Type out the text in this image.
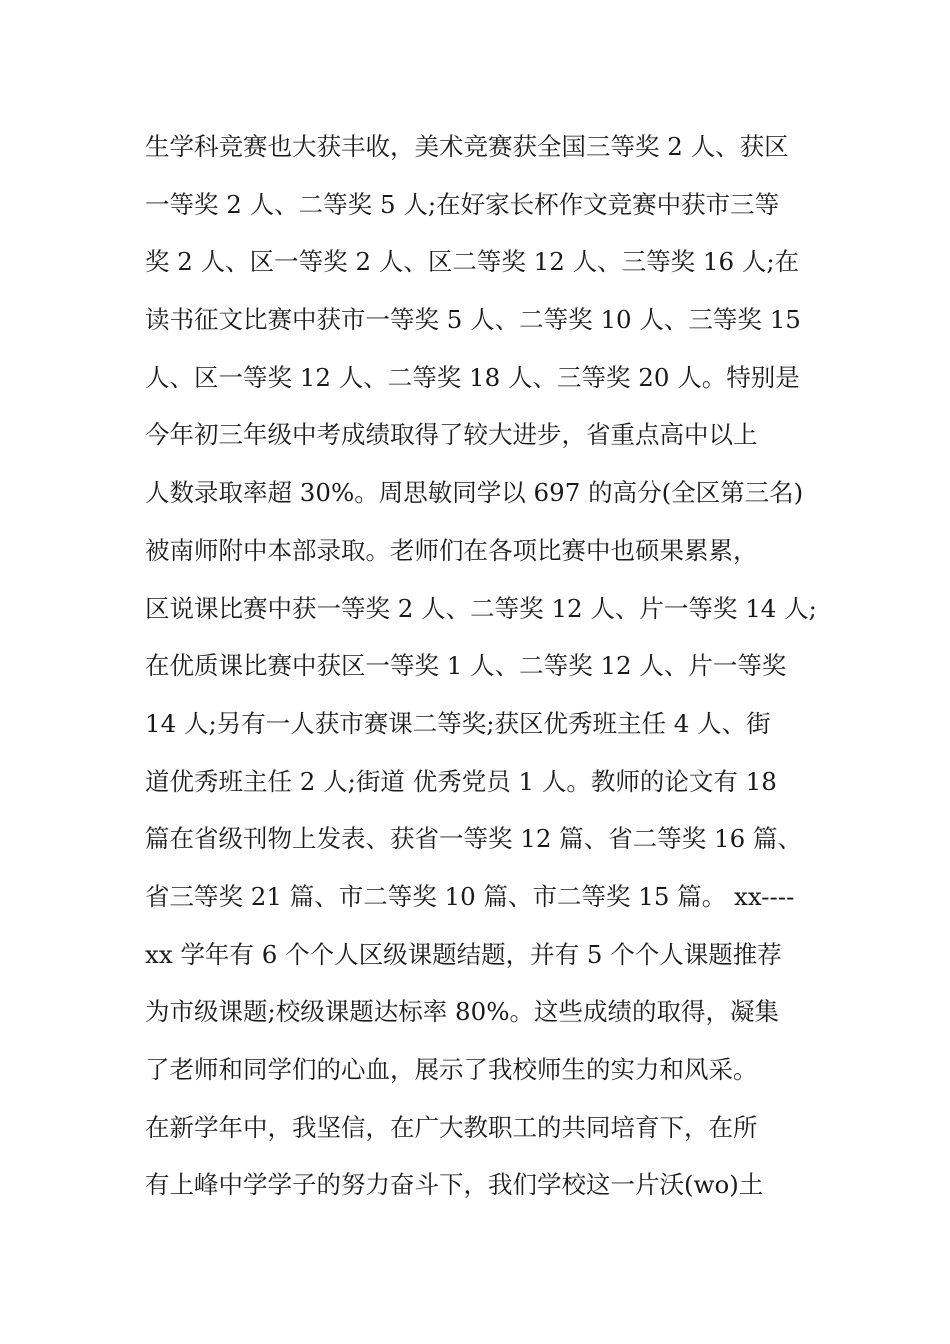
生学科竞赛也大获丰收，美术竞赛获全国三等奖 2 人、获区
一等奖 2 人、二等奖 5 人;在好家长杯作文竞赛中获市三等
奖 2 人、区一等奖 2 人、区二等奖 12 人、三等奖 16 人;在
读书征文比赛中获市一等奖 5 人、二等奖 10 人、三等奖 15
人、区一等奖 12 人、二等奖 18 人、三等奖 20 人。特别是
今年初三年级中考成绩取得了较大进步，省重点高中以上
人数录取率超 30%。周思敏同学以 697 的高分(全区第三名)
被南师附中本部录取。老师们在各项比赛中也硕果累累，
区说课比赛中获一等奖 2 人、二等奖 12 人、片一等奖 14 人;
在优质课比赛中获区一等奖 1 人、二等奖 12 人、片一等奖
14 人;另有一人获市赛课二等奖;获区优秀班主任 4 人、街
道优秀班主任 2 人;街道 优秀党员 1 人。教师的论文有 18
篇在省级刊物上发表、获省一等奖 12 篇、省二等奖 16 篇、
省三等奖 21 篇、市二等奖 10 篇、市二等奖 15 篇。 xx----
xx 学年有 6 个个人区级课题结题，并有 5 个个人课题推荐
为市级课题;校级课题达标率 80%。这些成绩的取得，凝集
了老师和同学们的心血，展示了我校师生的实力和风采。
在新学年中，我坚信，在广大教职工的共同培育下，在所
有上峰中学学子的努力奋斗下，我们学校这一片沃(wo)土
